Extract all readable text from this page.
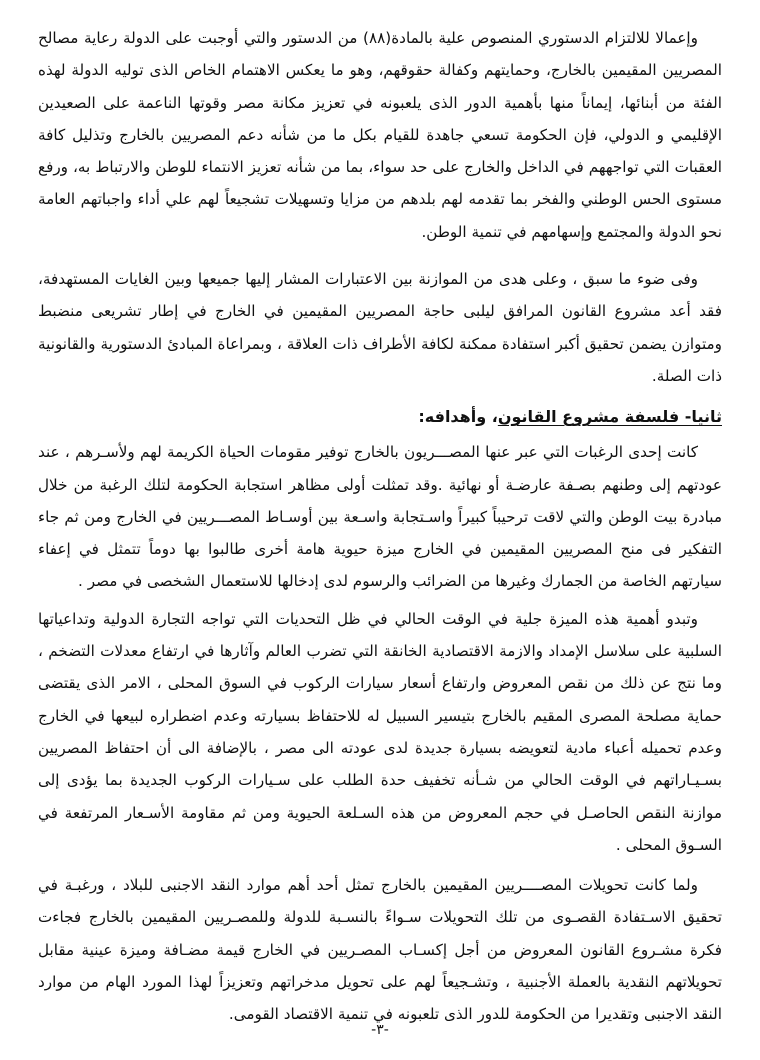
وإعمالا للالتزام الدستوري المنصوص علية بالمادة(٨٨) من الدستور والتي أوجبت على الدولة رعاية مصالح المصريين المقيمين بالخارج، وحمايتهم وكفالة حقوقهم، وهو ما يعكس الاهتمام الخاص الذى توليه الدولة لهذه الفئة من أبنائها، إيماناً منها بأهمية الدور الذى يلعبونه في تعزيز مكانة مصر وقوتها الناعمة على الصعيدين الإقليمي و الدولي، فإن الحكومة تسعي جاهدة للقيام بكل ما من شأنه دعم المصريين بالخارج وتذليل كافة العقبات التي تواجههم في الداخل والخارج على حد سواء، بما من شأنه تعزيز الانتماء للوطن والارتباط به، ورفع مستوى الحس الوطني والفخر بما تقدمه لهم بلدهم من مزايا وتسهيلات تشجيعاً لهم علي أداء واجباتهم العامة نحو الدولة والمجتمع وإسهامهم في تنمية الوطن.

وفى ضوء ما سبق ، وعلى هدى من الموازنة بين الاعتبارات المشار إليها جميعها وبين الغايات المستهدفة، فقد أعد مشروع القانون المرافق ليلبى حاجة المصريين المقيمين في الخارج في إطار تشريعى منضبط ومتوازن يضمن تحقيق أكبر استفادة ممكنة لكافة الأطراف ذات العلاقة ، وبمراعاة المبادئ الدستورية والقانونية ذات الصلة.

ثانيا- فلسفة مشروع القانون، وأهدافه:

كانت إحدى الرغبات التي عبر عنها المصـــريون بالخارج توفير مقومات الحياة الكريمة لهم ولأسـرهم ، عند عودتهم إلى وطنهم بصـفة عارضـة أو نهائية .وقد تمثلت أولى مظاهر استجابة الحكومة لتلك الرغبة من خلال مبادرة بيت الوطن والتي لاقت ترحيباً كبيراً واسـتجابة واسـعة بين أوسـاط المصـــريين في الخارج ومن ثم جاء التفكير فى منح المصريين المقيمين في الخارج ميزة حيوية هامة أخرى طالبوا بها دوماً تتمثل في إعفاء سيارتهم الخاصة من الجمارك وغيرها من الضرائب والرسوم لدى إدخالها للاستعمال الشخصى في مصر .

وتبدو أهمية هذه الميزة جلية في الوقت الحالي في ظل التحديات التي تواجه التجارة الدولية وتداعياتها السلبية على سلاسل الإمداد والازمة الاقتصادية الخانقة التي تضرب العالم وآثارها في ارتفاع معدلات التضخم ، وما نتج عن ذلك من نقص المعروض وارتفاع أسعار سيارات الركوب في السوق المحلى ، الامر الذى يقتضى حماية مصلحة المصرى المقيم بالخارج بتيسير السبيل له للاحتفاظ بسيارته وعدم اضطراره لبيعها في الخارج وعدم تحميله أعباء مادية لتعويضه بسيارة جديدة لدى عودته الى مصر ، بالإضافة الى أن احتفاظ المصريين بسـيـاراتهم في الوقت الحالي من شـأنه تخفيف حدة الطلب على سـيارات الركوب الجديدة بما يؤدى إلى موازنة النقص الحاصـل في حجم المعروض من هذه السـلعة الحيوية ومن ثم مقاومة الأسـعار المرتفعة في السـوق المحلى .

ولما كانت تحويلات المصــــريين المقيمين بالخارج تمثل أحد أهم موارد النقد الاجنبى للبلاد ، ورغبـة في تحقيق الاسـتفادة القصـوى من تلك التحويلات سـواءً بالنسـبة للدولة وللمصـريين المقيمين بالخارج فجاءت فكرة مشـروع القانون المعروض من أجل إكسـاب المصـريين في الخارج قيمة مضـافة وميزة عينية مقابل تحويلاتهم النقدية بالعملة الأجنبية ، وتشـجيعاً لهم على تحويل مدخراتهم وتعزيزاً لهذا المورد الهام من موارد النقد الاجنبى وتقديرا من الحكومة للدور الذى تلعبونه في تنمية الاقتصاد القومى.

-٣-
